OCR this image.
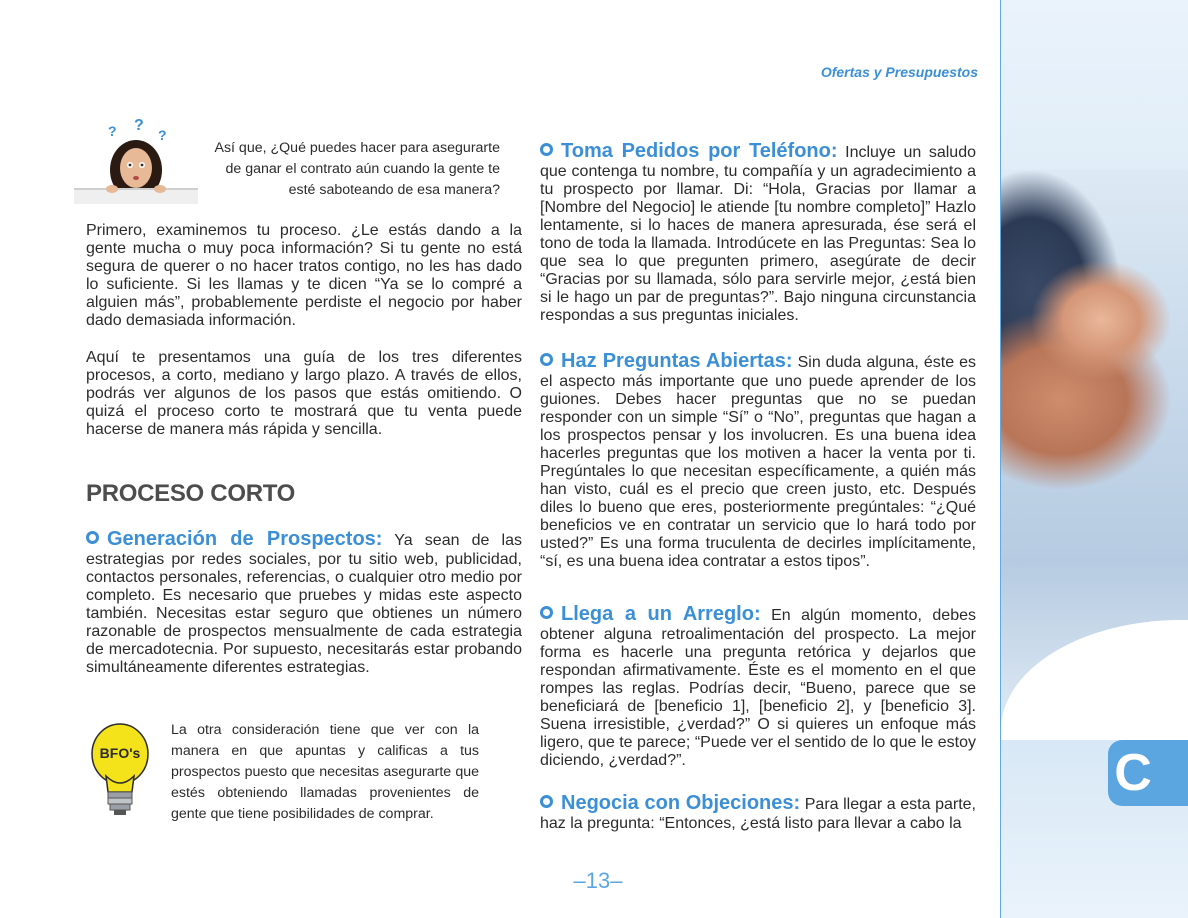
Ofertas y Presupuestos
C
? ?
?
Así que, ¿Qué puedes hacer para asegurarte de ganar el contrato aún cuando la gente te esté saboteando de esa manera?

Primero, examinemos tu proceso. ¿Le estás dando a la gente mucha o muy poca información? Si tu gente no está segura de querer o no hacer tratos contigo, no les has dado lo suficiente. Si les llamas y te dicen “Ya se lo compré a alguien más”, probablemente perdiste el negocio por haber dado demasiada información.

Aquí te presentamos una guía de los tres diferentes procesos, a corto, mediano y largo plazo. A través de ellos, podrás ver algunos de los pasos que estás omitiendo. O quizá el proceso corto te mostrará que tu venta puede hacerse de manera más rápida y sencilla.

PROCESO CORTO

Generación de Prospectos: Ya sean de las estrategias por redes sociales, por tu sitio web, publicidad, contactos personales, referencias, o cualquier otro medio por completo. Es necesario que pruebes y midas este aspecto también. Necesitas estar seguro que obtienes un número razonable de prospectos mensualmente de cada estrategia de mercadotecnia. Por supuesto, necesitarás estar probando simultáneamente diferentes estrategias.

BFO's

La otra consideración tiene que ver con la manera en que apuntas y calificas a tus prospectos puesto que necesitas asegurarte que estés obteniendo llamadas provenientes de gente que tiene posibilidades de comprar.

Toma Pedidos por Teléfono: Incluye un saludo que contenga tu nombre, tu compañía y un agradecimiento a tu prospecto por llamar. Di: “Hola, Gracias por llamar a [Nombre del Negocio] le atiende [tu nombre completo]” Hazlo lentamente, si lo haces de manera apresurada, ése será el tono de toda la llamada. Introdúcete en las Preguntas: Sea lo que sea lo que pregunten primero, asegúrate de decir “Gracias por su llamada, sólo para servirle mejor, ¿está bien si le hago un par de preguntas?”. Bajo ninguna circunstancia respondas a sus preguntas iniciales.

Haz Preguntas Abiertas: Sin duda alguna, éste es el aspecto más importante que uno puede aprender de los guiones. Debes hacer preguntas que no se puedan responder con un simple “Sí” o “No”, preguntas que hagan a los prospectos pensar y los involucren. Es una buena idea hacerles preguntas que los motiven a hacer la venta por ti. Pregúntales lo que necesitan específicamente, a quién más han visto, cuál es el precio que creen justo, etc. Después diles lo bueno que eres, posteriormente pregúntales: “¿Qué beneficios ve en contratar un servicio que lo hará todo por usted?” Es una forma truculenta de decirles implícitamente, “sí, es una buena idea contratar a estos tipos”.

Llega a un Arreglo: En algún momento, debes obtener alguna retroalimentación del prospecto. La mejor forma es hacerle una pregunta retórica y dejarlos que respondan afirmativamente. Éste es el momento en el que rompes las reglas. Podrías decir, “Bueno, parece que se beneficiará de [beneficio 1], [beneficio 2], y [beneficio 3]. Suena irresistible, ¿verdad?” O si quieres un enfoque más ligero, que te parece; “Puede ver el sentido de lo que le estoy diciendo, ¿verdad?”.

Negocia con Objeciones: Para llegar a esta parte, haz la pregunta: “Entonces, ¿está listo para llevar a cabo la

–13–
